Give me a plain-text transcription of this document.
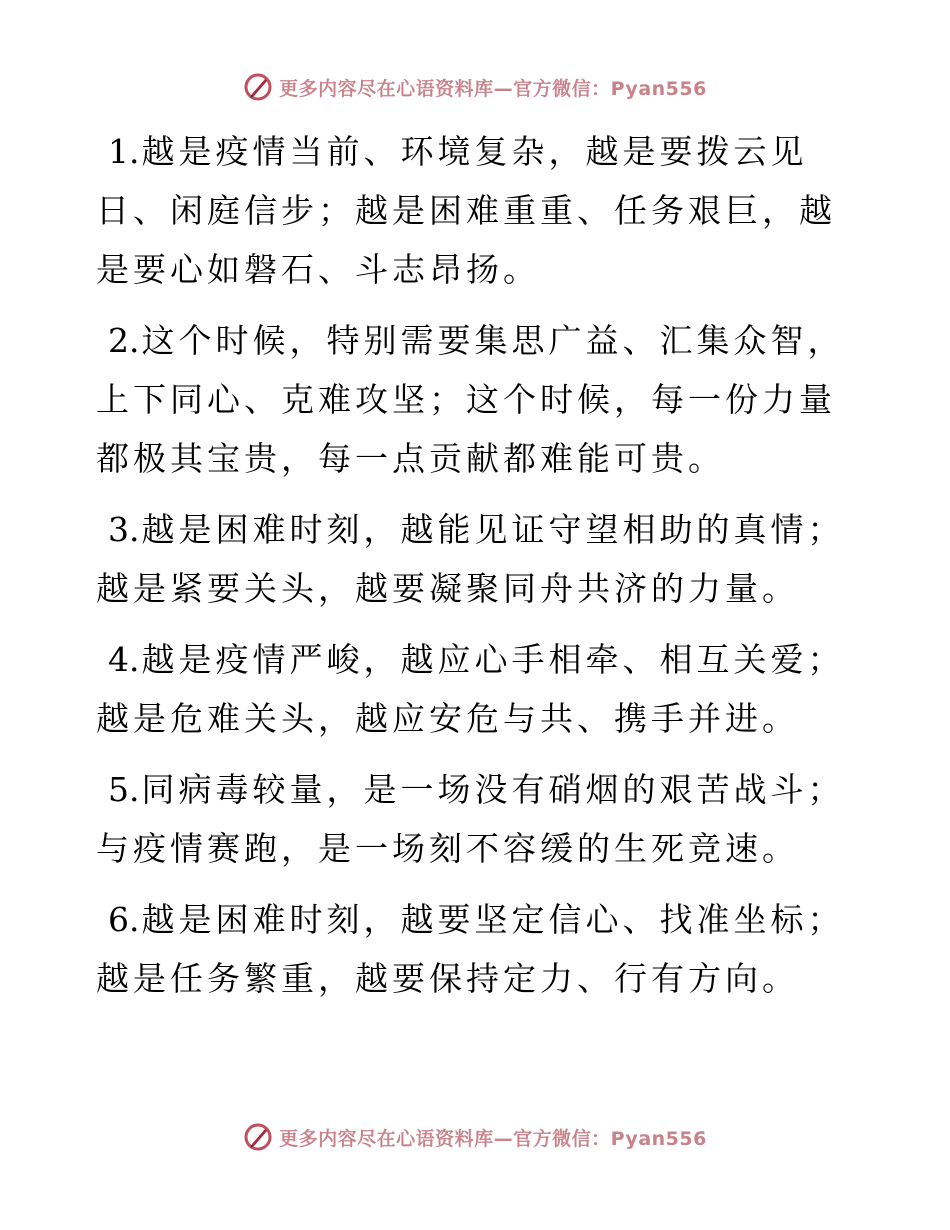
更多内容尽在心语资料库—官方微信：Pyan556

1.越是疫情当前、环境复杂，越是要拨云见日、闲庭信步；越是困难重重、任务艰巨，越是要心如磐石、斗志昂扬。

2.这个时候，特别需要集思广益、汇集众智，上下同心、克难攻坚；这个时候，每一份力量都极其宝贵，每一点贡献都难能可贵。

3.越是困难时刻，越能见证守望相助的真情；越是紧要关头，越要凝聚同舟共济的力量。

4.越是疫情严峻，越应心手相牵、相互关爱；越是危难关头，越应安危与共、携手并进。

5.同病毒较量，是一场没有硝烟的艰苦战斗；与疫情赛跑，是一场刻不容缓的生死竞速。

6.越是困难时刻，越要坚定信心、找准坐标；越是任务繁重，越要保持定力、行有方向。

更多内容尽在心语资料库—官方微信：Pyan556
